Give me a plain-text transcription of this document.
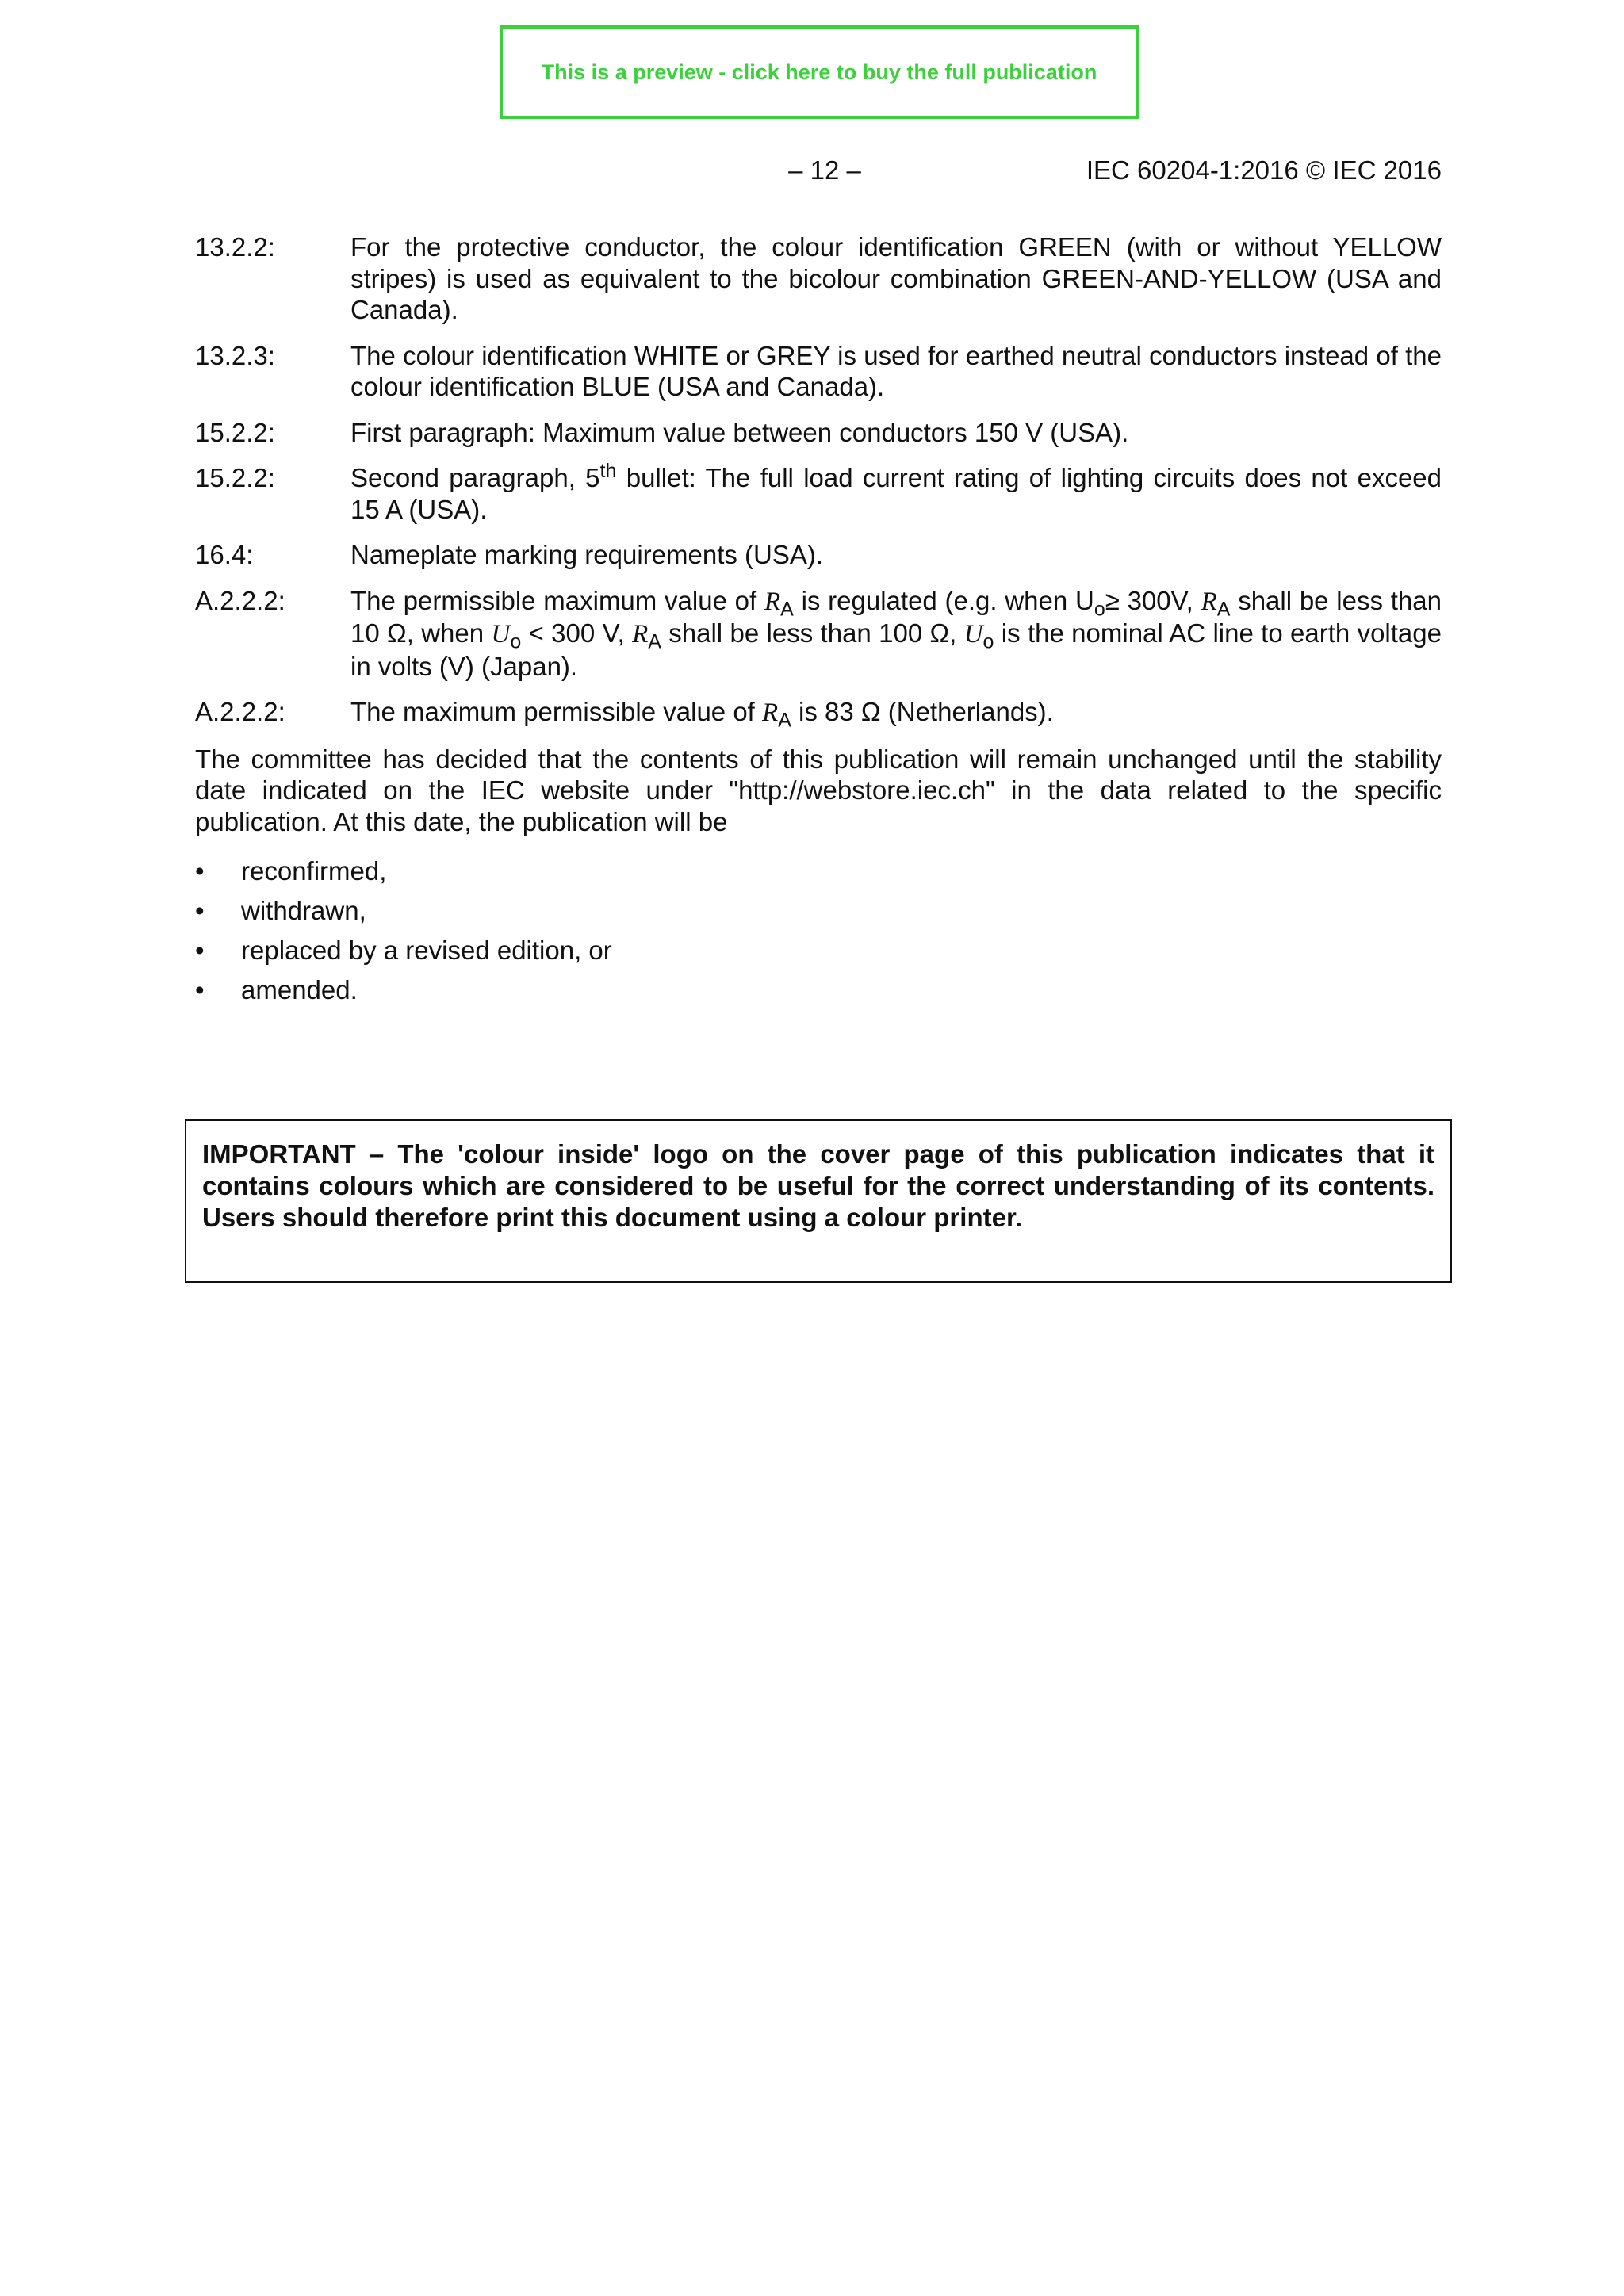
This is a preview - click here to buy the full publication
– 12 –	IEC 60204-1:2016 © IEC 2016
13.2.2:	For the protective conductor, the colour identification GREEN (with or without YELLOW stripes) is used as equivalent to the bicolour combination GREEN-AND-YELLOW (USA and Canada).
13.2.3:	The colour identification WHITE or GREY is used for earthed neutral conductors instead of the colour identification BLUE (USA and Canada).
15.2.2:	First paragraph: Maximum value between conductors 150 V (USA).
15.2.2:	Second paragraph, 5th bullet: The full load current rating of lighting circuits does not exceed 15 A (USA).
16.4:	Nameplate marking requirements (USA).
A.2.2.2:	The permissible maximum value of $R_A$ is regulated (e.g. when $U_o\ge 300V$, $R_A$ shall be less than 10 Ω, when $U_o < 300$ V, $R_A$ shall be less than 100 Ω, $U_o$ is the nominal AC line to earth voltage in volts (V) (Japan).
A.2.2.2:	The maximum permissible value of $R_A$ is 83 Ω (Netherlands).

The committee has decided that the contents of this publication will remain unchanged until the stability date indicated on the IEC website under "http://webstore.iec.ch" in the data related to the specific publication. At this date, the publication will be

•	reconfirmed,
•	withdrawn,
•	replaced by a revised edition, or
•	amended.
IMPORTANT – The 'colour inside' logo on the cover page of this publication indicates that it contains colours which are considered to be useful for the correct understanding of its contents. Users should therefore print this document using a colour printer.
